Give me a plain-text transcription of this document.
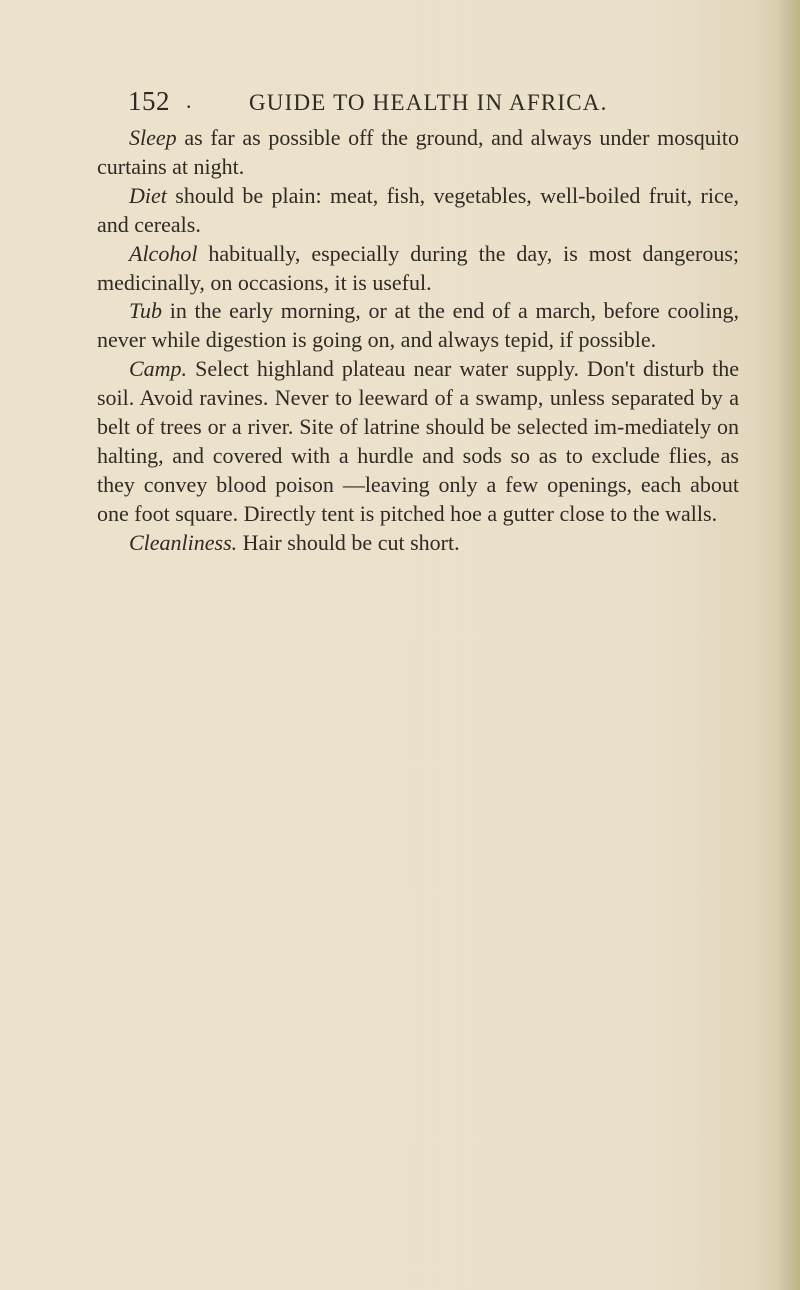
152 .	GUIDE TO HEALTH IN AFRICA.

Sleep as far as possible off the ground, and always under mosquito curtains at night.

Diet should be plain: meat, fish, vegetables, well-boiled fruit, rice, and cereals.

Alcohol habitually, especially during the day, is most dangerous; medicinally, on occasions, it is useful.

Tub in the early morning, or at the end of a march, before cooling, never while digestion is going on, and always tepid, if possible.

Camp. Select highland plateau near water supply. Don't disturb the soil. Avoid ravines. Never to leeward of a swamp, unless separated by a belt of trees or a river. Site of latrine should be selected im-mediately on halting, and covered with a hurdle and sods so as to exclude flies, as they convey blood poison —leaving only a few openings, each about one foot square. Directly tent is pitched hoe a gutter close to the walls.

Cleanliness. Hair should be cut short.
